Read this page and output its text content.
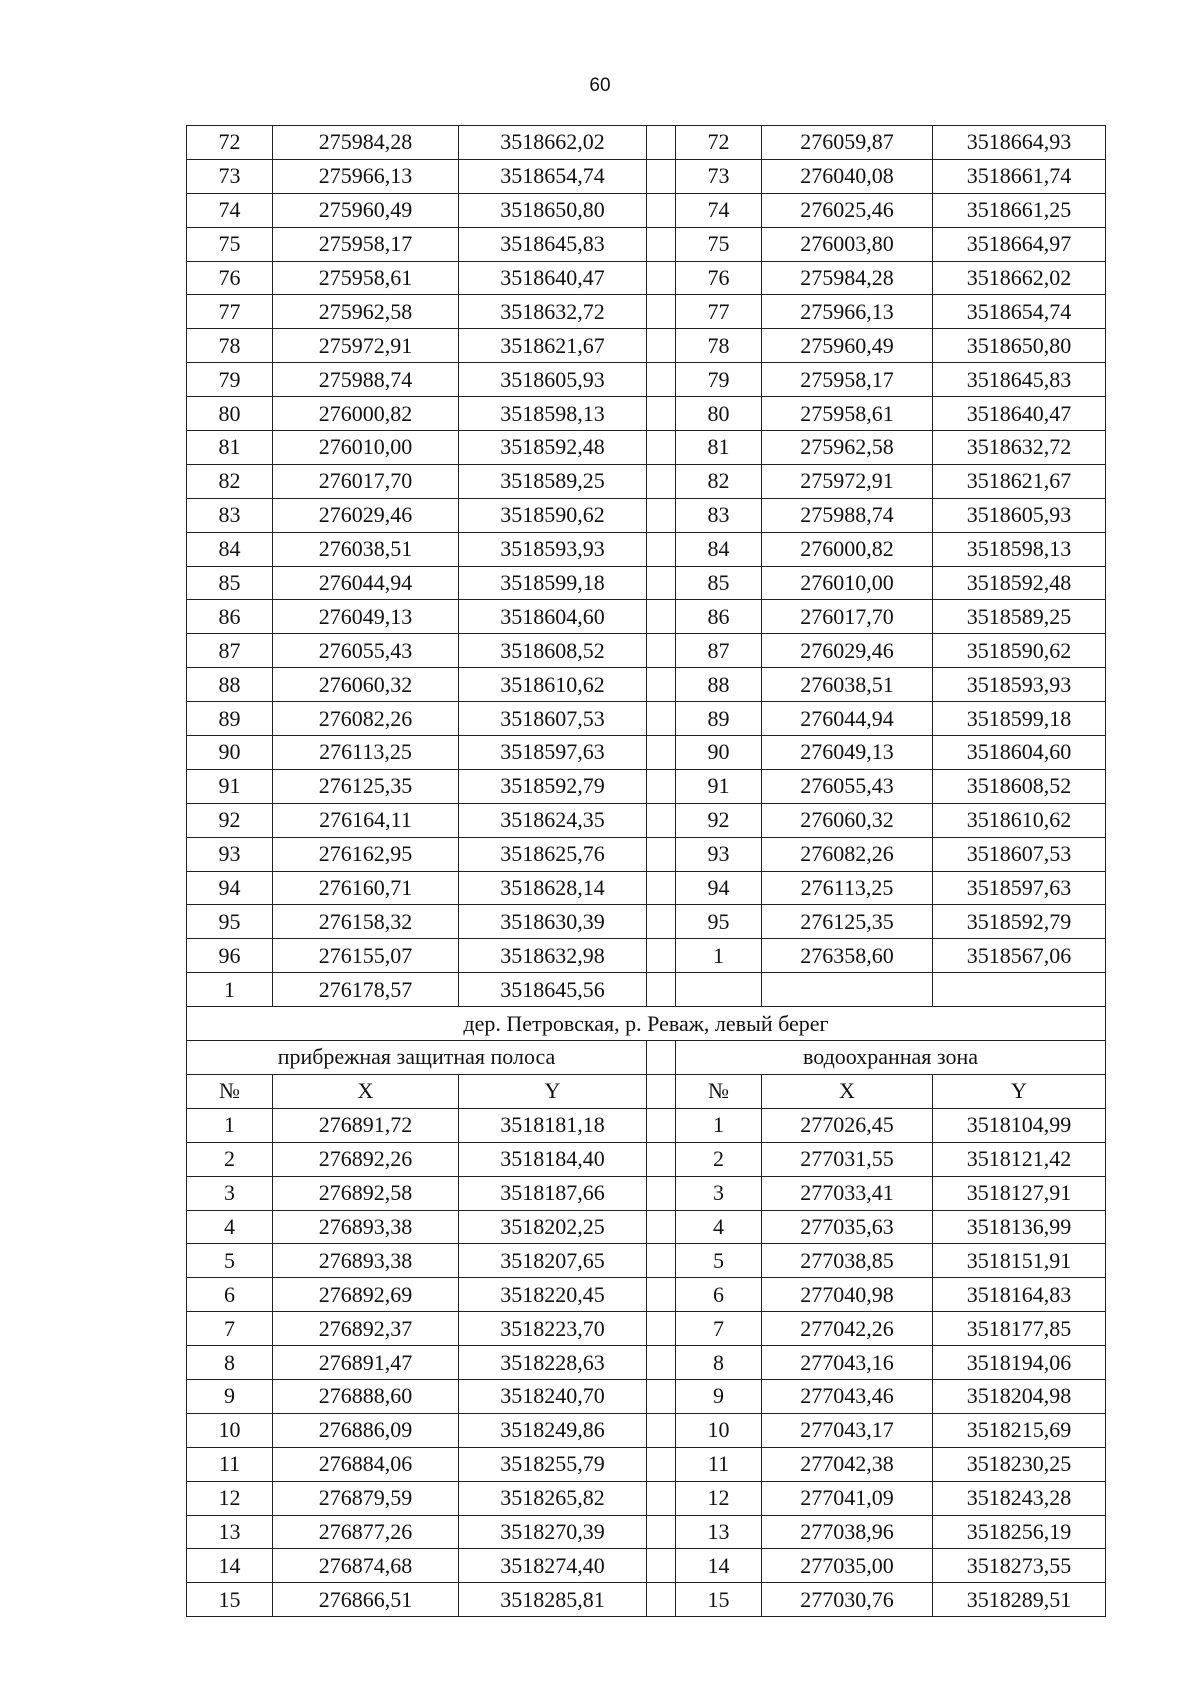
60
72	275984,28	3518662,02		72	276059,87	3518664,93
73	275966,13	3518654,74		73	276040,08	3518661,74
74	275960,49	3518650,80		74	276025,46	3518661,25
75	275958,17	3518645,83		75	276003,80	3518664,97
76	275958,61	3518640,47		76	275984,28	3518662,02
77	275962,58	3518632,72		77	275966,13	3518654,74
78	275972,91	3518621,67		78	275960,49	3518650,80
79	275988,74	3518605,93		79	275958,17	3518645,83
80	276000,82	3518598,13		80	275958,61	3518640,47
81	276010,00	3518592,48		81	275962,58	3518632,72
82	276017,70	3518589,25		82	275972,91	3518621,67
83	276029,46	3518590,62		83	275988,74	3518605,93
84	276038,51	3518593,93		84	276000,82	3518598,13
85	276044,94	3518599,18		85	276010,00	3518592,48
86	276049,13	3518604,60		86	276017,70	3518589,25
87	276055,43	3518608,52		87	276029,46	3518590,62
88	276060,32	3518610,62		88	276038,51	3518593,93
89	276082,26	3518607,53		89	276044,94	3518599,18
90	276113,25	3518597,63		90	276049,13	3518604,60
91	276125,35	3518592,79		91	276055,43	3518608,52
92	276164,11	3518624,35		92	276060,32	3518610,62
93	276162,95	3518625,76		93	276082,26	3518607,53
94	276160,71	3518628,14		94	276113,25	3518597,63
95	276158,32	3518630,39		95	276125,35	3518592,79
96	276155,07	3518632,98		1	276358,60	3518567,06
1	276178,57	3518645,56				
дер. Петровская, р. Реваж, левый берег						
прибрежная защитная полоса				водоохранная зона		
№	X	Y		№	X	Y
1	276891,72	3518181,18		1	277026,45	3518104,99
2	276892,26	3518184,40		2	277031,55	3518121,42
3	276892,58	3518187,66		3	277033,41	3518127,91
4	276893,38	3518202,25		4	277035,63	3518136,99
5	276893,38	3518207,65		5	277038,85	3518151,91
6	276892,69	3518220,45		6	277040,98	3518164,83
7	276892,37	3518223,70		7	277042,26	3518177,85
8	276891,47	3518228,63		8	277043,16	3518194,06
9	276888,60	3518240,70		9	277043,46	3518204,98
10	276886,09	3518249,86		10	277043,17	3518215,69
11	276884,06	3518255,79		11	277042,38	3518230,25
12	276879,59	3518265,82		12	277041,09	3518243,28
13	276877,26	3518270,39		13	277038,96	3518256,19
14	276874,68	3518274,40		14	277035,00	3518273,55
15	276866,51	3518285,81		15	277030,76	3518289,51
